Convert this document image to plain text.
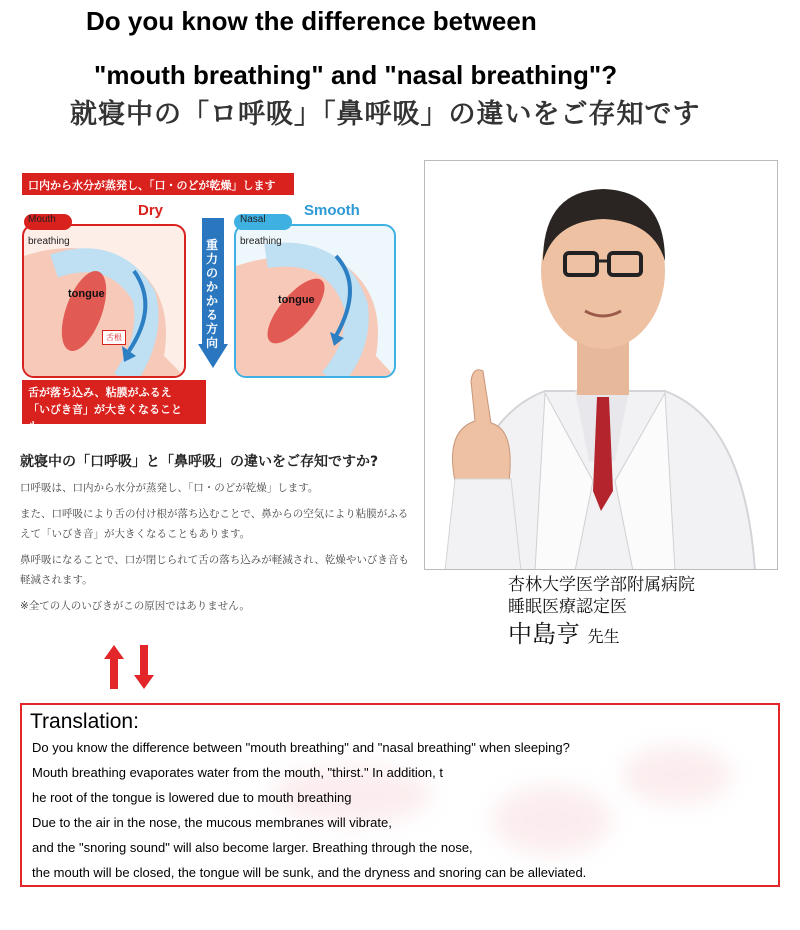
Do you know the difference between
"mouth breathing" and "nasal breathing"?
就寝中の「ロ呼吸」「鼻呼吸」の違いをご存知です
口内から水分が蒸発し、「口・のどが乾燥」します
Mouth breathing
Dry
tongue
舌根
重力のかかる方向
Nasal breathing
Smooth
tongue
舌が落ち込み、粘膜がふるえ
「いびき音」が大きくなることも。
就寝中の「口呼吸」と「鼻呼吸」の違いをご存知ですか?
口呼吸は、口内から水分が蒸発し、「口・のどが乾燥」します。
また、口呼吸により舌の付け根が落ち込むことで、鼻からの空気により粘膜がふるえて「いびき音」が大きくなることもあります。
鼻呼吸になることで、口が閉じられて舌の落ち込みが軽減され、乾燥やいびき音も軽減されます。
※全ての人のいびきがこの原因ではありません。
杏林大学医学部附属病院
睡眠医療認定医
中島亨 先生
Translation:
Do you know the difference between "mouth breathing" and "nasal breathing" when sleeping?
Mouth breathing evaporates water from the mouth, "thirst." In addition, t
he root of the tongue is lowered due to mouth breathing
Due to the air in the nose, the mucous membranes will vibrate,
and the "snoring sound" will also become larger. Breathing through the nose,
the mouth will be closed, the tongue will be sunk, and the dryness and snoring can be alleviated.
